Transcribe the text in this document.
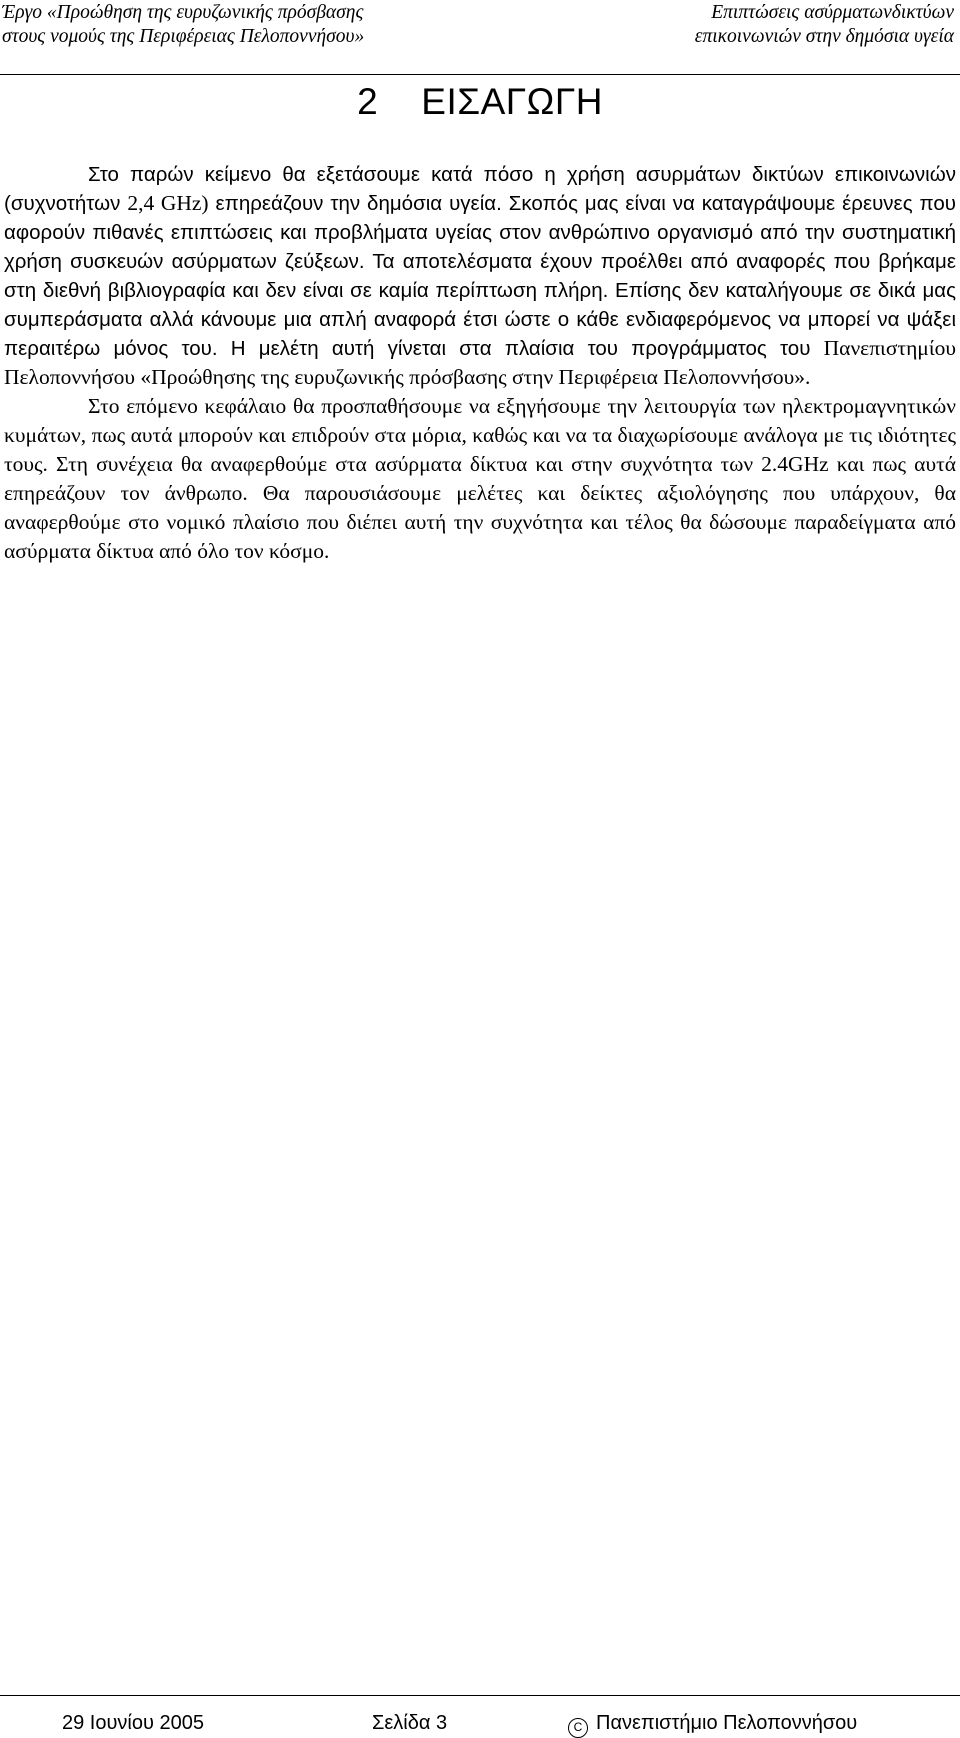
Έργο «Προώθηση της ευρυζωνικής πρόσβασης
στους νομούς της Περιφέρειας Πελοποννήσου»
Επιπτώσεις ασύρματωνδικτύων
επικοινωνιών στην δημόσια υγεία
2 ΕΙΣΑΓΩΓΗ

Στο παρών κείμενο θα εξετάσουμε κατά πόσο η χρήση ασυρμάτων δικτύων επικοινωνιών (συχνοτήτων 2,4 GHz) επηρεάζουν την δημόσια υγεία. Σκοπός μας είναι να καταγράψουμε έρευνες που αφορούν πιθανές επιπτώσεις και προβλήματα υγείας στον ανθρώπινο οργανισμό από την συστηματική χρήση συσκευών ασύρματων ζεύξεων. Τα αποτελέσματα έχουν προέλθει από αναφορές που βρήκαμε στη διεθνή βιβλιογραφία και δεν είναι σε καμία περίπτωση πλήρη. Επίσης δεν καταλήγουμε σε δικά μας συμπεράσματα αλλά κάνουμε μια απλή αναφορά έτσι ώστε ο κάθε ενδιαφερόμενος να μπορεί να ψάξει περαιτέρω μόνος του. Η μελέτη αυτή γίνεται στα πλαίσια του προγράμματος του Πανεπιστημίου Πελοποννήσου «Προώθησης της ευρυζωνικής πρόσβασης στην Περιφέρεια Πελοποννήσου».

Στο επόμενο κεφάλαιο θα προσπαθήσουμε να εξηγήσουμε την λειτουργία των ηλεκτρομαγνητικών κυμάτων, πως αυτά μπορούν και επιδρούν στα μόρια, καθώς και να τα διαχωρίσουμε ανάλογα με τις ιδιότητες τους. Στη συνέχεια θα αναφερθούμε στα ασύρματα δίκτυα και στην συχνότητα των 2.4GHz και πως αυτά επηρεάζουν τον άνθρωπο. Θα παρουσιάσουμε μελέτες και δείκτες αξιολόγησης που υπάρχουν, θα αναφερθούμε στο νομικό πλαίσιο που διέπει αυτή την συχνότητα και τέλος θα δώσουμε παραδείγματα από ασύρματα δίκτυα από όλο τον κόσμο.

29 Ιουνίου 2005	Σελίδα 3	C Πανεπιστήμιο Πελοποννήσου
